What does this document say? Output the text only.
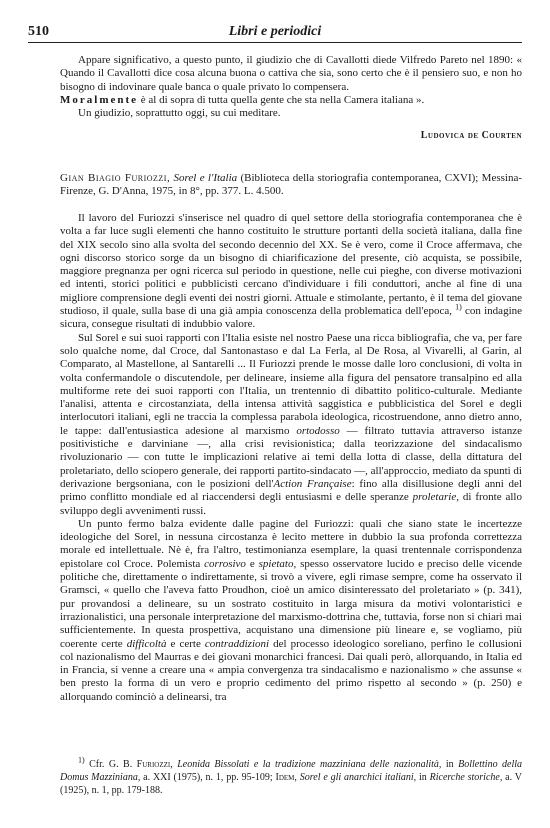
510	Libri e periodici

Appare significativo, a questo punto, il giudizio che di Cavallotti diede Vilfredo Pareto nel 1890: « Quando il Cavallotti dice cosa alcuna buona o cattiva che sia, sono certo che è il pensiero suo, e non ho bisogno di indovinare quale banca o quale privato lo compensera.

Moralmente è al di sopra di tutta quella gente che sta nella Camera italiana ».

Un giudizio, soprattutto oggi, su cui meditare.

Ludovica de Courten
Gian Biagio Furiozzi, Sorel e l'Italia (Biblioteca della storiografia contemporanea, CXVI); Messina-Firenze, G. D'Anna, 1975, in 8°, pp. 377. L. 4.500.

Il lavoro del Furiozzi s'inserisce nel quadro di quel settore della storiografia contemporanea che è volta a far luce sugli elementi che hanno costituito le strutture portanti della società italiana, dalla fine del XIX secolo sino alla svolta del secondo decennio del XX. Se è vero, come il Croce affermava, che ogni discorso storico sorge da un bisogno di chiarificazione del presente, ciò acquista, se possibile, maggiore pregnanza per ogni ricerca sul periodo in questione, nelle cui pieghe, con diverse motivazioni ed intenti, storici politici e pubblicisti cercano d'individuare i fili conduttori, anche al fine di una migliore comprensione degli eventi dei nostri giorni. Attuale e stimolante, pertanto, è il tema del giovane studioso, il quale, sulla base di una già ampia conoscenza della problematica dell'epoca, $^{1)}$ con indagine sicura, consegue risultati di indubbio valore.

Sul Sorel e sui suoi rapporti con l'Italia esiste nel nostro Paese una ricca bibliografia, che va, per fare solo qualche nome, dal Croce, dal Santonastaso e dal La Ferla, al De Rosa, al Vivarelli, al Garin, al Comparato, al Mastellone, al Santarelli ... Il Furiozzi prende le mosse dalle loro conclusioni, di volta in volta confermandole o discutendole, per delineare, insieme alla figura del pensatore transalpino ed alla multiforme rete dei suoi rapporti con l'Italia, un trentennio di dibattito politico-culturale. Mediante l'analisi, attenta e circostanziata, della intensa attività saggistica e pubblicistica del Sorel e degli interlocutori italiani, egli ne traccia la complessa parabola ideologica, ricostruendone, anno dietro anno, le tappe: dall'entusiastica adesione al marxismo ortodosso — filtrato tuttavia attraverso istanze positivistiche e darviniane —, alla crisi revisionistica; dalla teorizzazione del sindacalismo rivoluzionario — con tutte le implicazioni relative ai temi della lotta di classe, della dittatura del proletariato, dello sciopero generale, dei rapporti partito-sindacato —, all'approccio, mediato da spunti di derivazione bergsoniana, con le posizioni dell'Action Française: fino alla disillusione degli anni del primo conflitto mondiale ed al riaccendersi degli entusiasmi e delle speranze proletarie, di fronte allo sviluppo degli avvenimenti russi.

Un punto fermo balza evidente dalle pagine del Furiozzi: quali che siano state le incertezze ideologiche del Sorel, in nessuna circostanza è lecito mettere in dubbio la sua profonda correttezza morale ed intellettuale. Nè è, fra l'altro, testimonianza esemplare, la quasi trentennale corrispondenza epistolare col Croce. Polemista corrosivo e spietato, spesso osservatore lucido e preciso delle vicende politiche che, direttamente o indirettamente, si trovò a vivere, egli rimase sempre, come ha osservato il Gramsci, « quello che l'aveva fatto Proudhon, cioè un amico disinteressato del proletariato » (p. 341), pur provandosi a delineare, su un sostrato costituito in larga misura da motivi volontaristici e irrazionalistici, una personale interpretazione del marxismo-dottrina che, tuttavia, forse non si chiarì mai sufficientemente. In questa prospettiva, acquistano una dimensione più lineare e, se vogliamo, più coerente certe difficoltà e certe contraddizioni del processo ideologico soreliano, perfino le collusioni col nazionalismo del Maurras e dei giovani monarchici francesi. Dai quali però, allorquando, in Italia ed in Francia, si venne a creare una « ampia convergenza tra sindacalismo e nazionalismo » che assunse « ben presto la forma di un vero e proprio cedimento del primo rispetto al secondo » (p. 250) e allorquando cominciò a delinearsi, tra

$^{1)}$ Cfr. G. B. Furiozzi, Leonida Bissolati e la tradizione mazziniana delle nazionalità, in Bollettino della Domus Mazziniana, a. XXI (1975), n. 1, pp. 95-109; Idem, Sorel e gli anarchici italiani, in Ricerche storiche, a. V (1925), n. 1, pp. 179-188.
